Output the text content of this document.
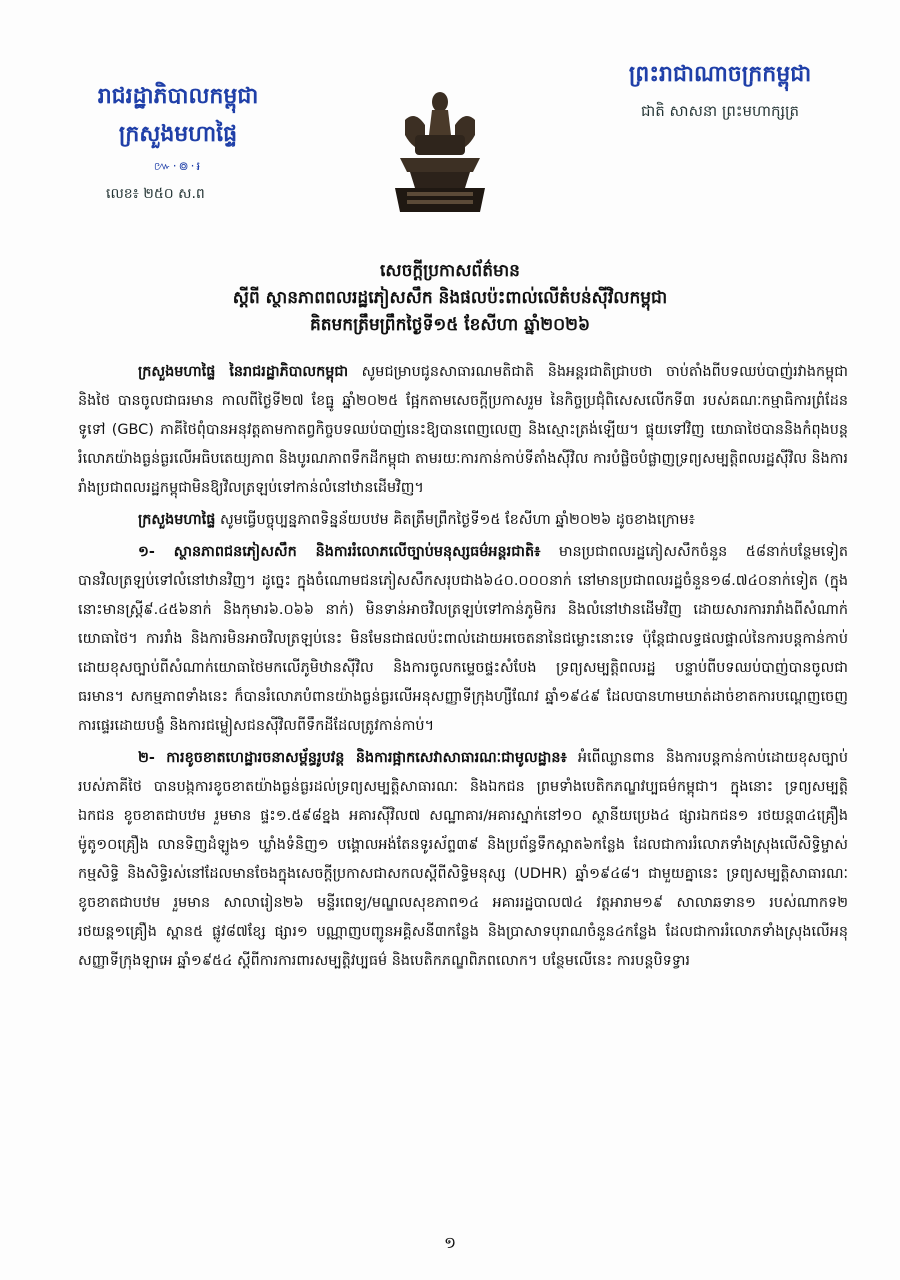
រាជរដ្ឋាភិបាលកម្ពុជា
ក្រសួងមហាផ្ទៃ
៚·៙·៛
លេខ៖ ២៥០ ស.ព
ព្រះរាជាណាចក្រកម្ពុជា
ជាតិ សាសនា ព្រះមហាក្សត្រ
សេចក្តីប្រកាសព័ត៌មាន
ស្តីពី ស្ថានភាពពលរដ្ឋភៀសសឹក និងផលប៉ះពាល់លើតំបន់ស៊ីវិលកម្ពុជា
គិតមកត្រឹមព្រឹកថ្ងៃទី១៥ ខែសីហា ឆ្នាំ២០២៦

ក្រសួងមហាផ្ទៃ នៃរាជរដ្ឋាភិបាលកម្ពុជា សូមជម្រាបជូនសាធារណមតិជាតិ និងអន្តរជាតិជ្រាបថា ចាប់តាំងពីបទឈប់បាញ់រវាងកម្ពុជា និងថៃ បានចូលជាធរមាន កាលពីថ្ងៃទី២៧ ខែធ្នូ ឆ្នាំ២០២៥ ផ្អែកតាមសេចក្តីប្រកាសរួម នៃកិច្ចប្រជុំពិសេសលើកទី៣ របស់គណៈកម្មាធិការព្រំដែនទូទៅ (GBC) ភាគីថៃពុំបានអនុវត្តតាមកាតព្វកិច្ចបទឈប់បាញ់នេះឱ្យបានពេញលេញ និងស្មោះត្រង់ឡើយ។ ផ្ទុយទៅវិញ យោធាថៃបាននិងកំពុងបន្តរំលោភយ៉ាងធ្ងន់ធ្ងរលើអធិបតេយ្យភាព និងបូរណភាពទឹកដីកម្ពុជា តាមរយៈការកាន់កាប់ទីតាំងស៊ីវិល ការបំផ្លិចបំផ្លាញទ្រព្យសម្បត្តិពលរដ្ឋស៊ីវិល និងការរាំងប្រជាពលរដ្ឋកម្ពុជាមិនឱ្យវិលត្រឡប់ទៅកាន់លំនៅឋានដើមវិញ។

ក្រសួងមហាផ្ទៃ សូមធ្វើបច្ចុប្បន្នភាពទិន្នន័យបឋម គិតត្រឹមព្រឹកថ្ងៃទី១៥ ខែសីហា ឆ្នាំ២០២៦ ដូចខាងក្រោម៖

១- ស្ថានភាពជនភៀសសឹក និងការរំលោភលើច្បាប់មនុស្សធម៌អន្តរជាតិ៖ មានប្រជាពលរដ្ឋភៀសសឹកចំនួន ៥៨នាក់បន្ថែមទៀត បានវិលត្រឡប់ទៅលំនៅឋានវិញ។ ដូច្នេះ ក្នុងចំណោមជនភៀសសឹកសរុបជាង៦៤០.០០០នាក់ នៅមានប្រជាពលរដ្ឋចំនួន១៨.៧៤០នាក់ទៀត (ក្នុងនោះមានស្ត្រី៩.៤៥៦នាក់ និងកុមារ៦.០៦៦ នាក់) មិនទាន់អាចវិលត្រឡប់ទៅកាន់ភូមិករ និងលំនៅឋានដើមវិញ ដោយសារការរារាំងពីសំណាក់យោធាថៃ។ ការរាំង និងការមិនអាចវិលត្រឡប់នេះ មិនមែនជាផលប៉ះពាល់ដោយអចេតនានៃជម្លោះនោះទេ ប៉ុន្តែជាលទ្ធផលផ្ទាល់នៃការបន្តកាន់កាប់ដោយខុសច្បាប់ពីសំណាក់យោធាថៃមកលើភូមិឋានស៊ីវិល និងការចូលកម្ទេចផ្ទះសំបែង ទ្រព្យសម្បត្តិពលរដ្ឋ បន្ទាប់ពីបទឈប់បាញ់បានចូលជាធរមាន។ សកម្មភាពទាំងនេះ ក៏បានរំលោភបំពានយ៉ាងធ្ងន់ធ្ងរលើអនុសញ្ញាទីក្រុងហ្សឺណែវ ឆ្នាំ១៩៤៩ ដែលបានហាមឃាត់ដាច់ខាតការបណ្តេញចេញ ការផ្ទេរដោយបង្ខំ និងការជម្លៀសជនស៊ីវិលពីទឹកដីដែលត្រូវកាន់កាប់។

២- ការខូចខាតហេដ្ឋារចនាសម្ព័ន្ធរូបវន្ត និងការផ្អាកសេវាសាធារណៈជាមូលដ្ឋាន៖ អំពើឈ្លានពាន និងការបន្តកាន់កាប់ដោយខុសច្បាប់របស់ភាគីថៃ បានបង្កការខូចខាតយ៉ាងធ្ងន់ធ្ងរដល់ទ្រព្យសម្បត្តិសាធារណៈ និងឯកជន ព្រមទាំងបេតិកភណ្ឌវប្បធម៌កម្ពុជា។ ក្នុងនោះ ទ្រព្យសម្បត្តិឯកជន ខូចខាតជាបឋម រួមមាន ផ្ទះ១.៥៩៨ខ្នង អគារស៊ីវិល៧ សណ្ឋាគារ/អគារស្នាក់នៅ១០ ស្ថានីយប្រេង៤ ផ្សារឯកជន១ រថយន្ត៣៤គ្រឿង ម៉ូតូ១០គ្រឿង លានទិញដំឡូង១ ឃ្លាំងទំនិញ១ បង្គោលអង់តែនទូរស័ព្ទ៣៩ និងប្រព័ន្ធទឹកស្អាត៦កន្លែង ដែលជាការរំលោភទាំងស្រុងលើសិទ្ធិម្ចាស់កម្មសិទ្ធិ និងសិទ្ធិរស់នៅដែលមានចែងក្នុងសេចក្តីប្រកាសជាសកលស្តីពីសិទ្ធិមនុស្ស (UDHR) ឆ្នាំ១៩៤៨។ ជាមួយគ្នានេះ ទ្រព្យសម្បត្តិសាធារណៈ ខូចខាតជាបឋម រួមមាន សាលារៀន២៦ មន្ទីរពេទ្យ/មណ្ឌលសុខភាព១៤ អគាររដ្ឋបាល៧៤ វត្តអារាម១៩ សាលាឆទាន១ របស់ណាកទ២ រថយន្ត១គ្រឿង ស្ពាន៥ ផ្លូវ៨៧ខ្សែ ផ្សារ១ បណ្ណាញបញ្ជូនអគ្គិសនី៣កន្លែង និងប្រាសាទបុរាណចំនួន៤កន្លែង ដែលជាការរំលោភទាំងស្រុងលើអនុសញ្ញាទីក្រុងឡាអេ ឆ្នាំ១៩៥៤ ស្តីពីការការពារសម្បត្តិវប្បធម៌ និងបេតិកភណ្ឌពិភពលោក។ បន្ថែមលើនេះ ការបន្តបិទទ្វារ

១
